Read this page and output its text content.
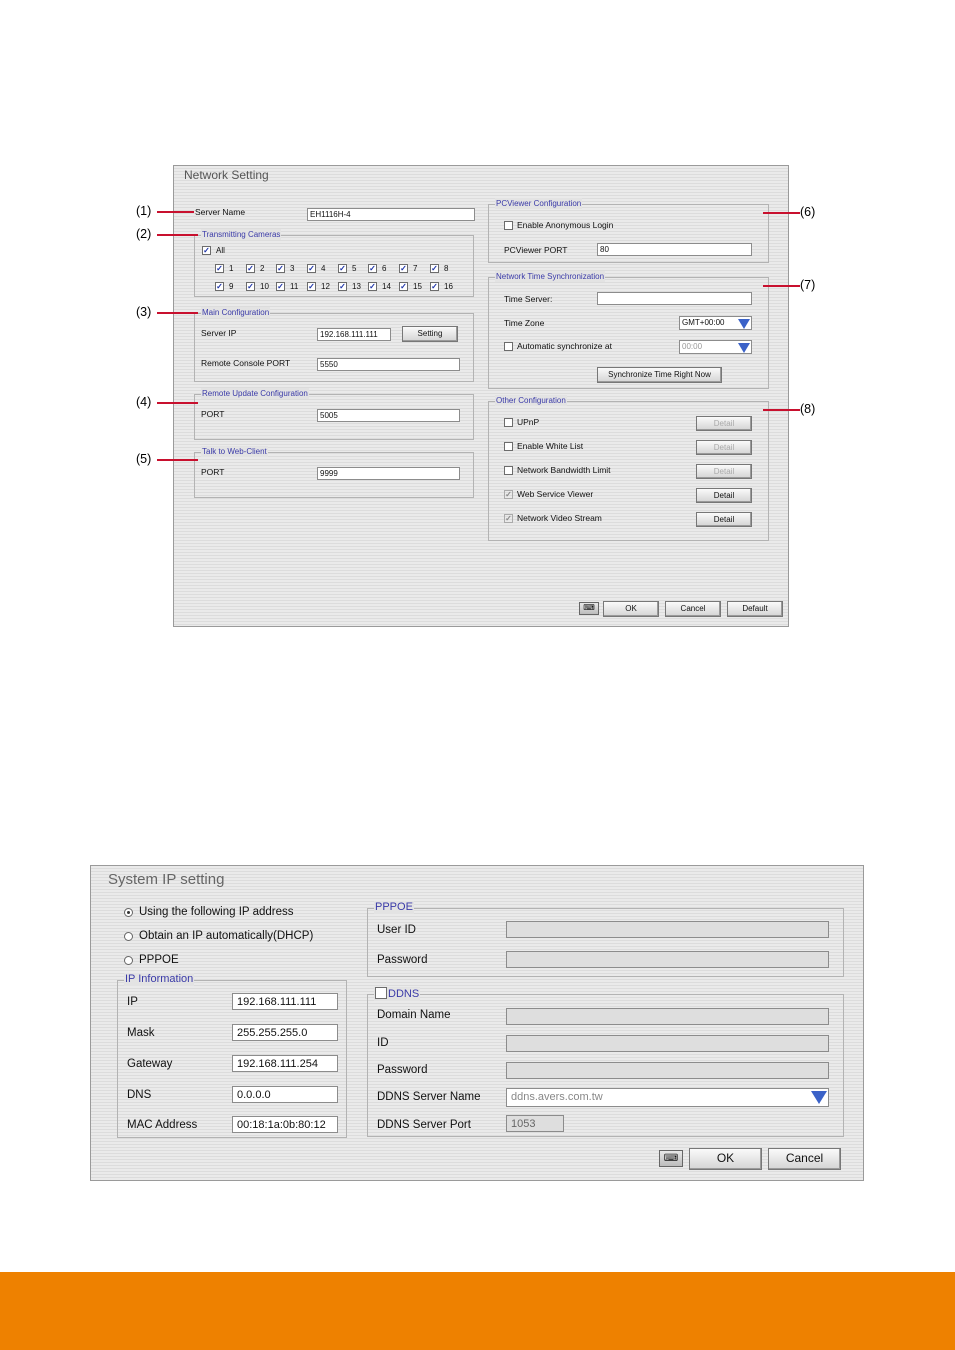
Network Setting
Server Name	EH1116H-4
Transmitting Cameras
✓ All
✓ 1 ✓ 2 ✓ 3 ✓ 4 ✓ 5 ✓ 6 ✓ 7 ✓ 8
✓ 9 ✓ 10 ✓ 11 ✓ 12 ✓ 13 ✓ 14 ✓ 15 ✓ 16
Main Configuration
Server IP	192.168.111.111	Setting
Remote Console PORT	5550
Remote Update Configuration
PORT	5005
Talk to Web-Client
PORT	9999
PCViewer Configuration
Enable Anonymous Login
PCViewer PORT	80
Network Time Synchronization
Time Server:
Time Zone	GMT+00:00
Automatic synchronize at	00:00
Synchronize Time Right Now
Other Configuration
UPnP	Detail
Enable White List	Detail
Network Bandwidth Limit	Detail
✓ Web Service Viewer	Detail
✓ Network Video Stream	Detail
⌨	OK	Cancel	Default
(1)
(2)
(3)
(4)
(5)
(6)
(7)
(8)
System IP setting
Using the following IP address
Obtain an IP automatically(DHCP)
PPPOE
IP Information
IP	192.168.111.111
Mask	255.255.255.0
Gateway	192.168.111.254
DNS	0.0.0.0
MAC Address	00:18:1a:0b:80:12
PPPOE
User ID
Password
DDNS
Domain Name
ID
Password
DDNS Server Name	ddns.avers.com.tw
DDNS Server Port	1053
⌨	OK	Cancel
